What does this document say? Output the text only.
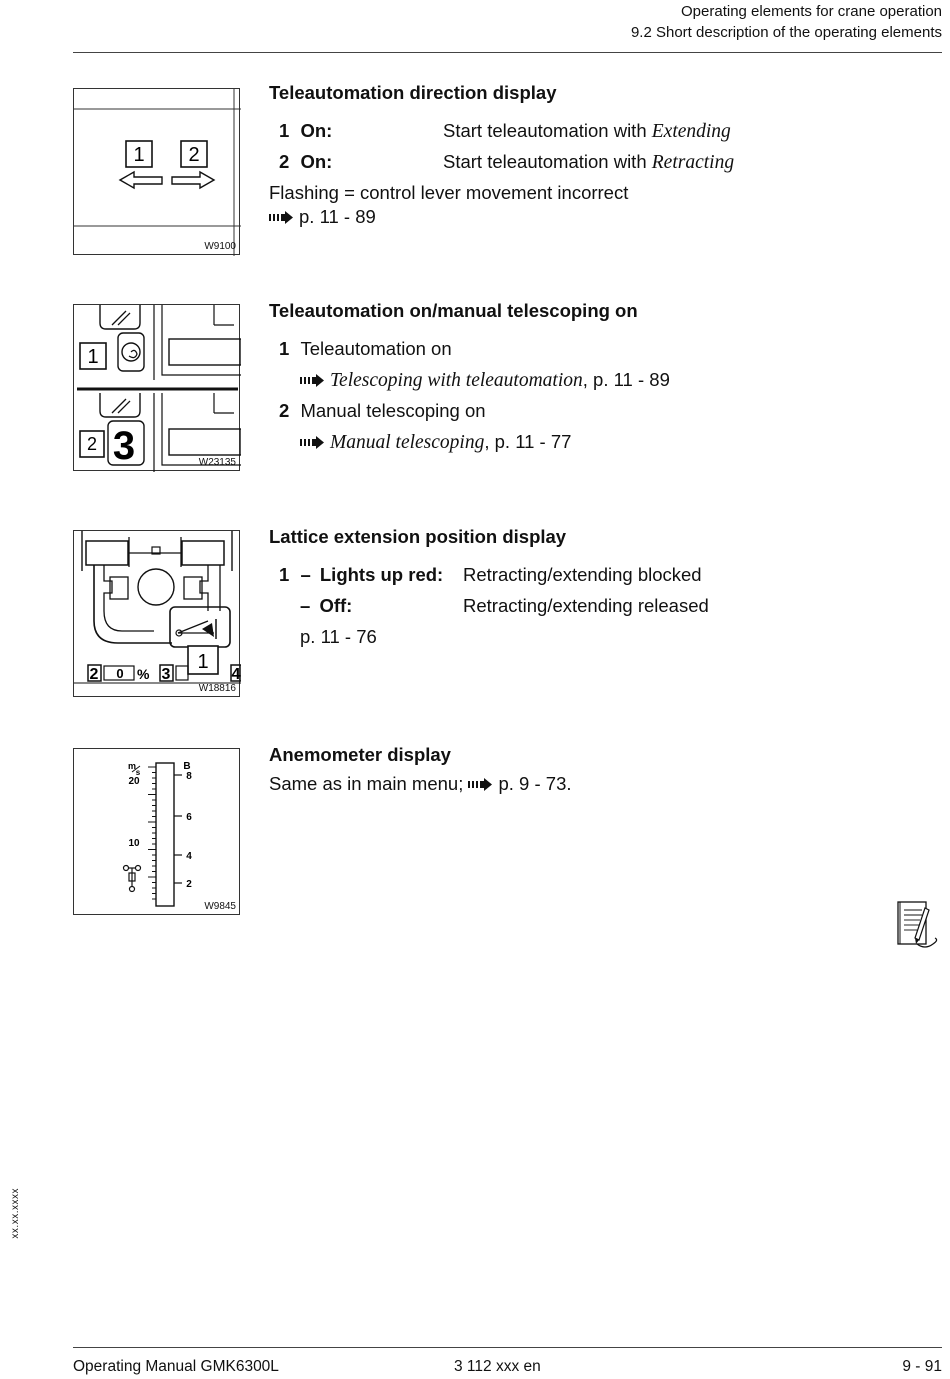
Operating elements for crane operation
9.2 Short description of the operating elements
1 2
W9100
Teleautomation direction display
1 On:	Start teleautomation with Extending
2 On:	Start teleautomation with Retracting
Flashing = control lever movement incorrect
p. 11 - 89
1
3
2
W23135
Teleautomation on/manual telescoping on
1 Teleautomation on
Telescoping with teleautomation, p. 11 - 89
2 Manual telescoping on
Manual telescoping, p. 11 - 77
1
2 0 % 3	4
W18816
Lattice extension position display
1 – Lights up red: Retracting/extending blocked
– Off:	Retracting/extending released
p. 11 - 76
m
s
B
20
10
8
6
4
2
W9845
Anemometer display
Same as in main menu; p. 9 - 73.
xx.xx.xxxx
Operating Manual GMK6300L	3 112 xxx en	9 - 91
